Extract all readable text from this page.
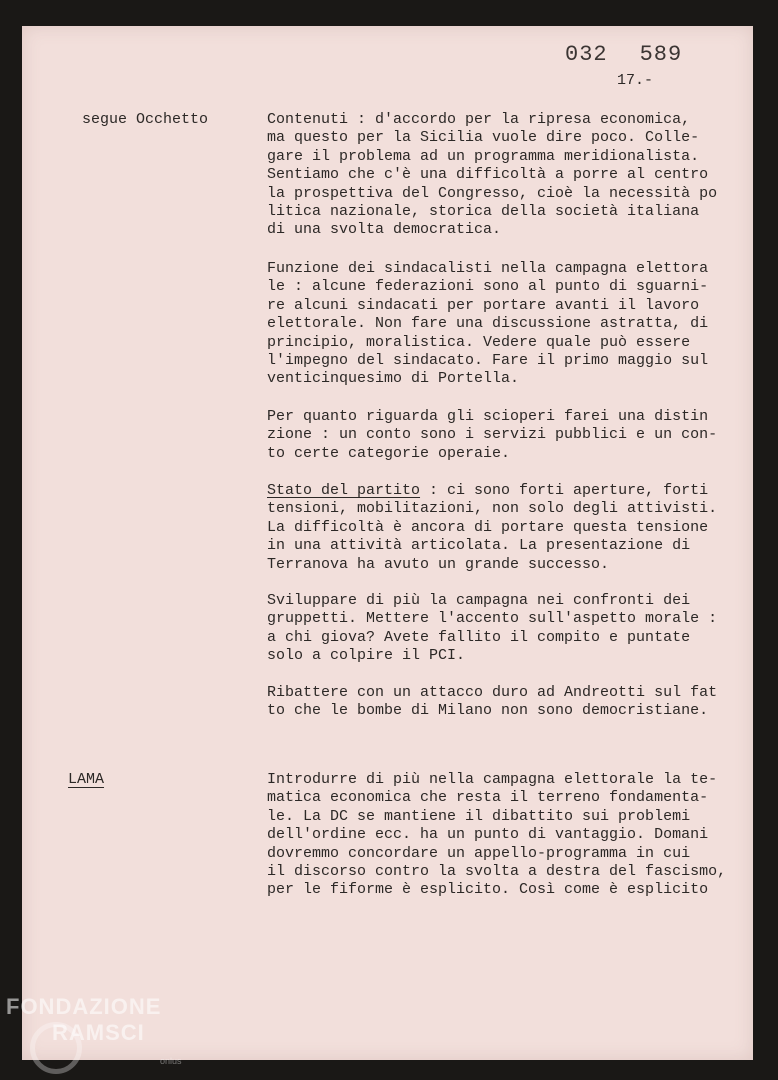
032 589
17.-
segue Occhetto
LAMA
Contenuti : d'accordo per la ripresa economica,
ma questo per la Sicilia vuole dire poco. Colle-
gare il problema ad un programma meridionalista.
Sentiamo che c'è una difficoltà a porre al centro
la prospettiva del Congresso, cioè la necessità po
litica nazionale, storica della società italiana
di una svolta democratica.
Funzione dei sindacalisti nella campagna elettora
le : alcune federazioni sono al punto di sguarni-
re alcuni sindacati per portare avanti il lavoro
elettorale. Non fare una discussione astratta, di
principio, moralistica. Vedere quale può essere
l'impegno del sindacato. Fare il primo maggio sul
venticinquesimo di Portella.
Per quanto riguarda gli scioperi farei una distin
zione : un conto sono i servizi pubblici e un con-
to certe categorie operaie.
Stato del partito : ci sono forti aperture, forti
tensioni, mobilitazioni, non solo degli attivisti.
La difficoltà è ancora di portare questa tensione
in una attività articolata. La presentazione di
Terranova ha avuto un grande successo.
Sviluppare di più la campagna nei confronti dei
gruppetti. Mettere l'accento sull'aspetto morale :
a chi giova? Avete fallito il compito e puntate
solo a colpire il PCI.
Ribattere con un attacco duro ad Andreotti sul fat
to che le bombe di Milano non sono democristiane.
Introdurre di più nella campagna elettorale la te-
matica economica che resta il terreno fondamenta-
le. La DC se mantiene il dibattito sui problemi
dell'ordine ecc. ha un punto di vantaggio. Domani
dovremmo concordare un appello-programma in cui
il discorso contro la svolta a destra del fascismo,
per le fiforme è esplicito. Così come è esplicito
FONDAZIONE
RAMSCI
onlus
